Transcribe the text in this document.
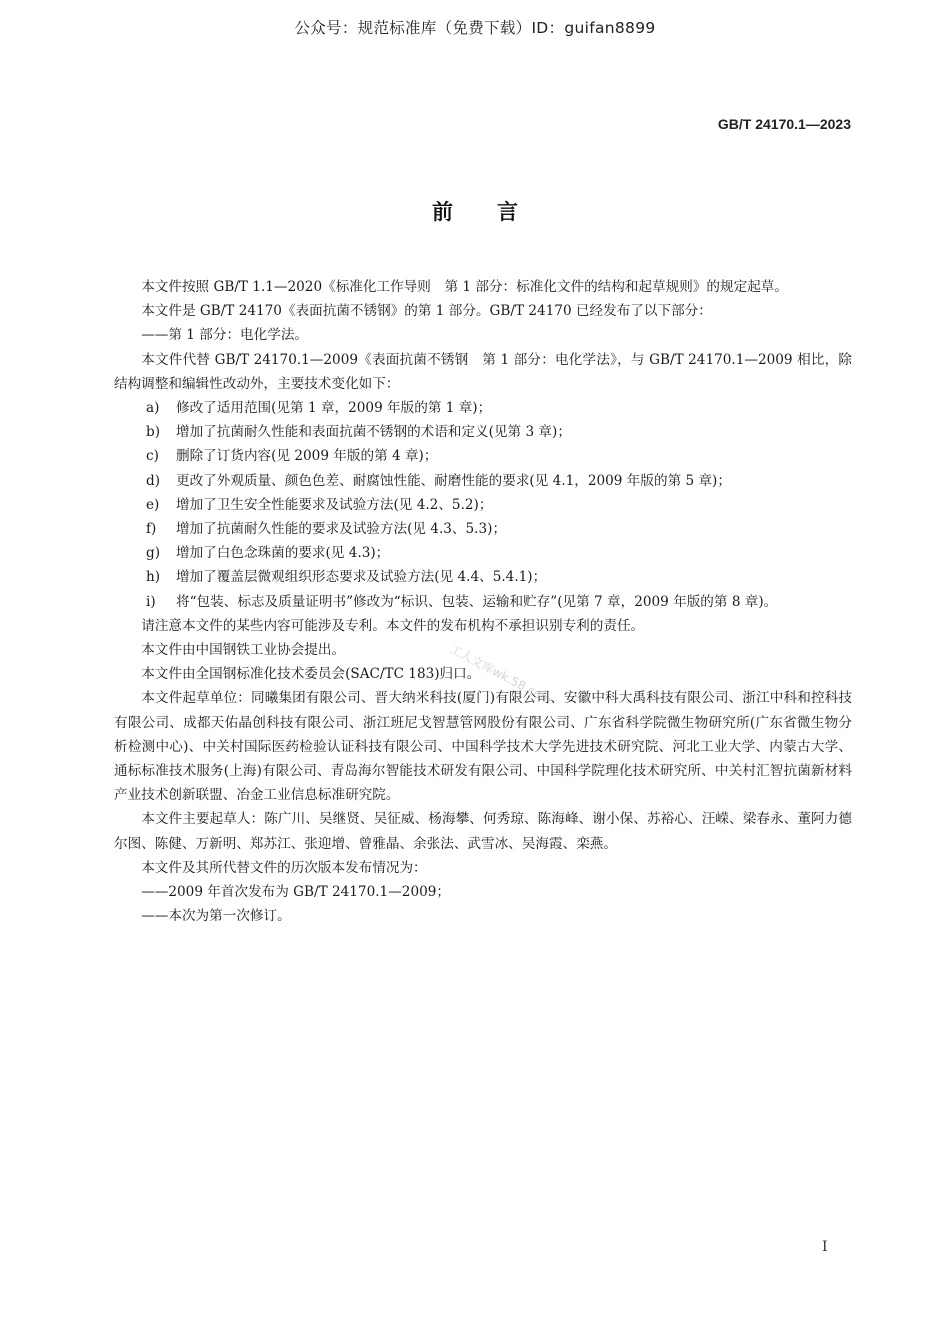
公众号：规范标准库（免费下载）ID：guifan8899
GB/T 24170.1—2023
前言

本文件按照 GB/T 1.1—2020《标准化工作导则　第 1 部分：标准化文件的结构和起草规则》的规定起草。

本文件是 GB/T 24170《表面抗菌不锈钢》的第 1 部分。GB/T 24170 已经发布了以下部分：

——第 1 部分：电化学法。

本文件代替 GB/T 24170.1—2009《表面抗菌不锈钢　第 1 部分：电化学法》，与 GB/T 24170.1—2009 相比，除结构调整和编辑性改动外，主要技术变化如下：

a) 修改了适用范围(见第 1 章，2009 年版的第 1 章)；

b) 增加了抗菌耐久性能和表面抗菌不锈钢的术语和定义(见第 3 章)；

c) 删除了订货内容(见 2009 年版的第 4 章)；

d) 更改了外观质量、颜色色差、耐腐蚀性能、耐磨性能的要求(见 4.1，2009 年版的第 5 章)；

e) 增加了卫生安全性能要求及试验方法(见 4.2、5.2)；

f) 增加了抗菌耐久性能的要求及试验方法(见 4.3、5.3)；

g) 增加了白色念珠菌的要求(见 4.3)；

h) 增加了覆盖层微观组织形态要求及试验方法(见 4.4、5.4.1)；

i) 将“包装、标志及质量证明书”修改为“标识、包装、运输和贮存”(见第 7 章，2009 年版的第 8 章)。

请注意本文件的某些内容可能涉及专利。本文件的发布机构不承担识别专利的责任。

本文件由中国钢铁工业协会提出。

本文件由全国钢标准化技术委员会(SAC/TC 183)归口。

本文件起草单位：同曦集团有限公司、晋大纳米科技(厦门)有限公司、安徽中科大禹科技有限公司、浙江中科和控科技有限公司、成都天佑晶创科技有限公司、浙江班尼戈智慧管网股份有限公司、广东省科学院微生物研究所(广东省微生物分析检测中心)、中关村国际医药检验认证科技有限公司、中国科学技术大学先进技术研究院、河北工业大学、内蒙古大学、通标标准技术服务(上海)有限公司、青岛海尔智能技术研发有限公司、中国科学院理化技术研究所、中关村汇智抗菌新材料产业技术创新联盟、冶金工业信息标准研究院。

本文件主要起草人：陈广川、吴继贤、吴征威、杨海攀、何秀琼、陈海峰、谢小保、苏裕心、汪嵘、梁春永、董阿力德尔图、陈健、万新明、郑苏江、张迎增、曾雅晶、余张法、武雪冰、吴海霞、栾燕。

本文件及其所代替文件的历次版本发布情况为：

——2009 年首次发布为 GB/T 24170.1—2009；

——本次为第一次修订。

工人文库wk.58.com
I
